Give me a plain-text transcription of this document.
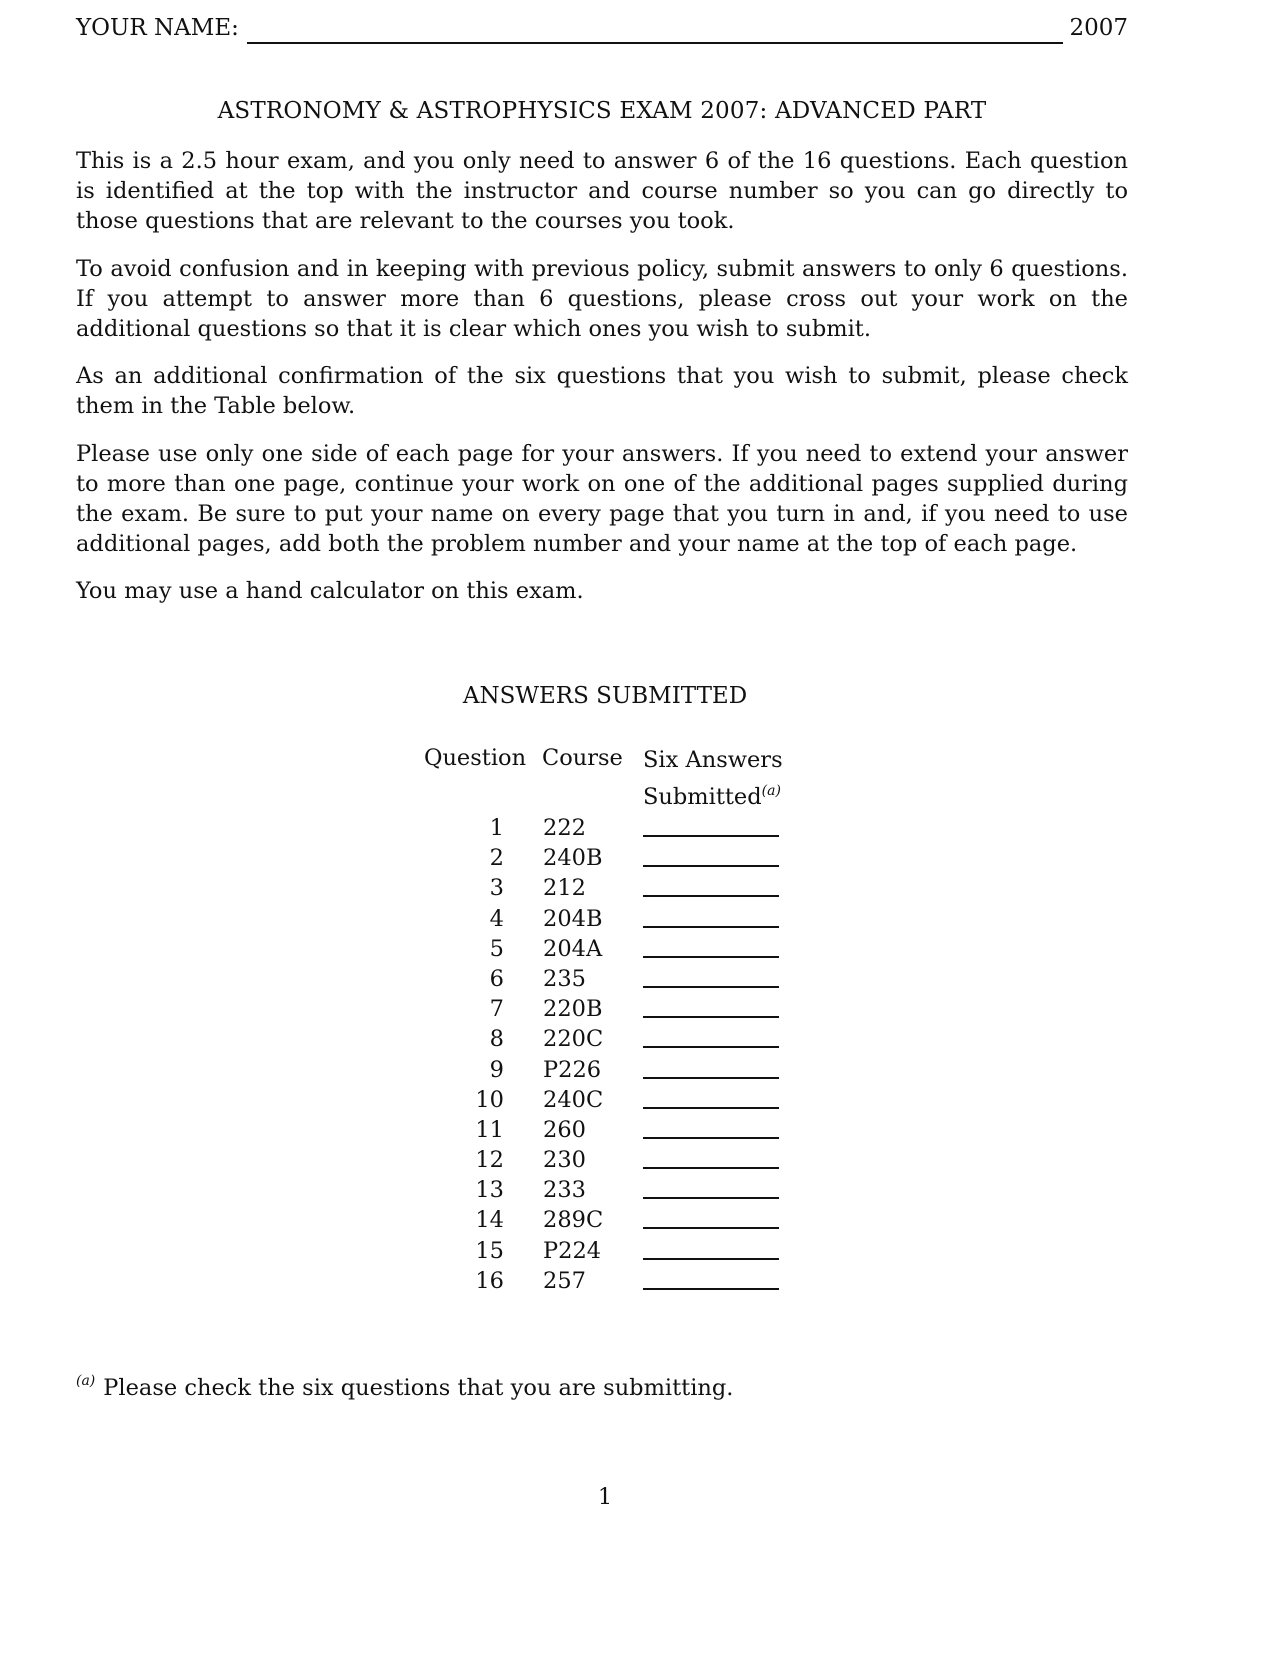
YOUR NAME:	2007
ASTRONOMY & ASTROPHYSICS EXAM 2007: ADVANCED PART

This is a 2.5 hour exam, and you only need to answer 6 of the 16 questions. Each question is identified at the top with the instructor and course number so you can go directly to those questions that are relevant to the courses you took.

To avoid confusion and in keeping with previous policy, submit answers to only 6 questions. If you attempt to answer more than 6 questions, please cross out your work on the additional questions so that it is clear which ones you wish to submit.

As an additional confirmation of the six questions that you wish to submit, please check them in the Table below.

Please use only one side of each page for your answers. If you need to extend your answer to more than one page, continue your work on one of the additional pages supplied during the exam. Be sure to put your name on every page that you turn in and, if you need to use additional pages, add both the problem number and your name at the top of each page.

You may use a hand calculator on this exam.

ANSWERS SUBMITTED
Question Course Six Answers
Submitted$^{(a)}$
1 222
2 240B
3 212
4 204B
5 204A
6 235
7 220B
8 220C
9 P226
10 240C
11 260
12 230
13 233
14 289C
15 P224
16 257
$^{(a)}$ Please check the six questions that you are submitting.
1
